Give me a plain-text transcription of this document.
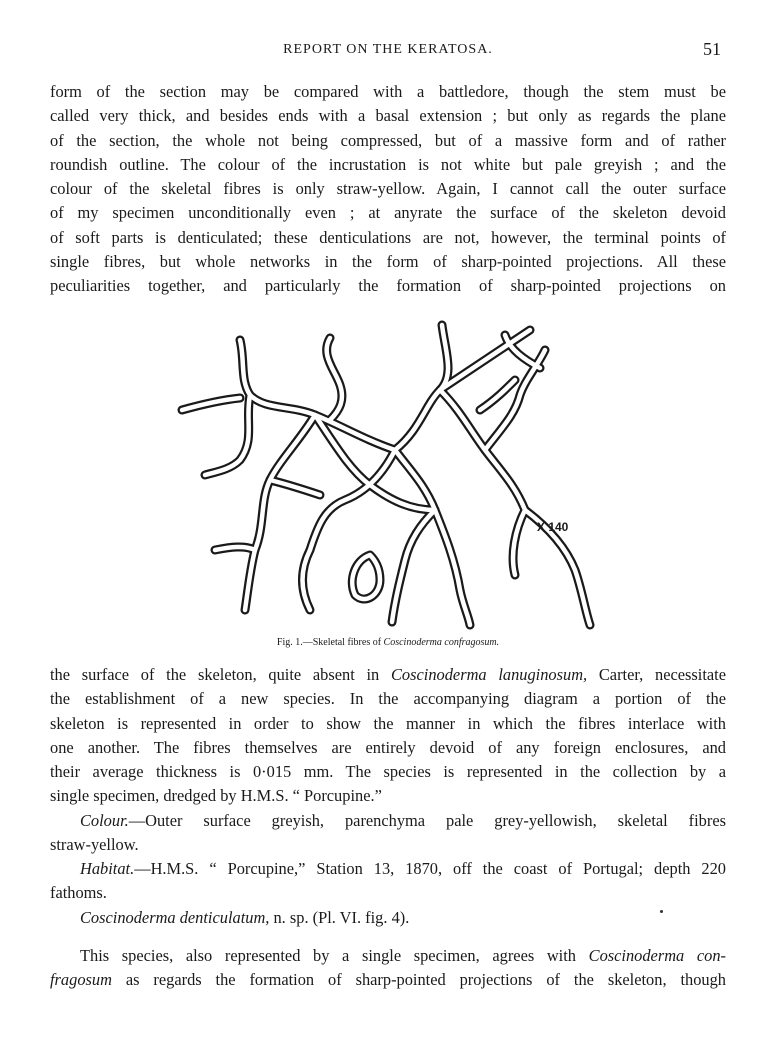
REPORT ON THE KERATOSA.	51
form of the section may be compared with a battledore, though the stem must be
called very thick, and besides ends with a basal extension ; but only as regards the plane
of the section, the whole not being compressed, but of a massive form and of rather
roundish outline. The colour of the incrustation is not white but pale greyish ; and the
colour of the skeletal fibres is only straw-yellow. Again, I cannot call the outer surface
of my specimen unconditionally even ; at anyrate the surface of the skeleton devoid
of soft parts is denticulated; these denticulations are not, however, the terminal points of
single fibres, but whole networks in the form of sharp-pointed projections. All these
peculiarities together, and particularly the formation of sharp-pointed projections on
X 140
Fig. 1.—Skeletal fibres of Coscinoderma confragosum.
the surface of the skeleton, quite absent in Coscinoderma lanuginosum, Carter, necessitate
the establishment of a new species. In the accompanying diagram a portion of the
skeleton is represented in order to show the manner in which the fibres interlace with
one another. The fibres themselves are entirely devoid of any foreign enclosures, and
their average thickness is 0·015 mm. The species is represented in the collection by a
single specimen, dredged by H.M.S. “ Porcupine.”
Colour.—Outer surface greyish, parenchyma pale grey-yellowish, skeletal fibres
straw-yellow.
Habitat.—H.M.S. “ Porcupine,” Station 13, 1870, off the coast of Portugal; depth 220
fathoms.
Coscinoderma denticulatum, n. sp. (Pl. VI. fig. 4).
This species, also represented by a single specimen, agrees with Coscinoderma con-
fragosum as regards the formation of sharp-pointed projections of the skeleton, though
